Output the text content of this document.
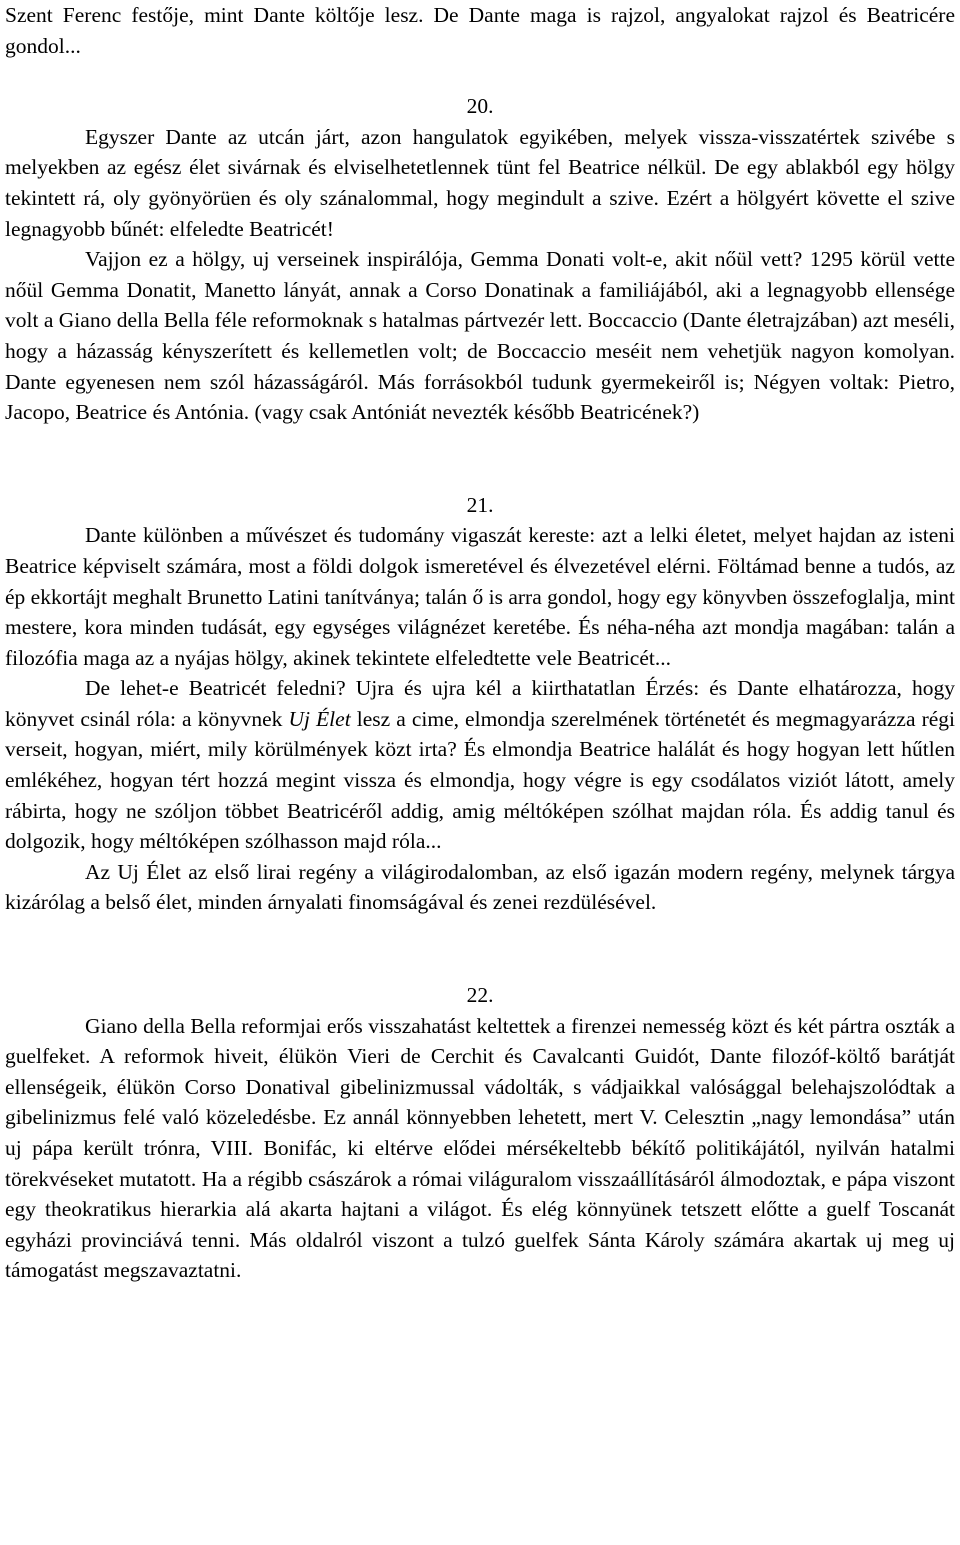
Szent Ferenc festője, mint Dante költője lesz. De Dante maga is rajzol, angyalokat rajzol és Beatricére gondol...

20.

Egyszer Dante az utcán járt, azon hangulatok egyikében, melyek vissza-visszatértek szivébe s melyekben az egész élet sivárnak és elviselhetetlennek tünt fel Beatrice nélkül. De egy ablakból egy hölgy tekintett rá, oly gyönyörüen és oly szánalommal, hogy megindult a szive. Ezért a hölgyért követte el szive legnagyobb bűnét: elfeledte Beatricét!

Vajjon ez a hölgy, uj verseinek inspirálója, Gemma Donati volt-e, akit nőül vett? 1295 körül vette nőül Gemma Donatit, Manetto lányát, annak a Corso Donatinak a familiájából, aki a legnagyobb ellensége volt a Giano della Bella féle reformoknak s hatalmas pártvezér lett. Boccaccio (Dante életrajzában) azt meséli, hogy a házasság kényszerített és kellemetlen volt; de Boccaccio meséit nem vehetjük nagyon komolyan. Dante egyenesen nem szól házasságáról. Más forrásokból tudunk gyermekeiről is; Négyen voltak: Pietro, Jacopo, Beatrice és Antónia. (vagy csak Antóniát nevezték később Beatricének?)

21.

Dante különben a művészet és tudomány vigaszát kereste: azt a lelki életet, melyet hajdan az isteni Beatrice képviselt számára, most a földi dolgok ismeretével és élvezetével elérni. Föltámad benne a tudós, az ép ekkortájt meghalt Brunetto Latini tanítványa; talán ő is arra gondol, hogy egy könyvben összefoglalja, mint mestere, kora minden tudását, egy egységes világnézet keretébe. És néha-néha azt mondja magában: talán a filozófia maga az a nyájas hölgy, akinek tekintete elfeledtette vele Beatricét...

De lehet-e Beatricét feledni? Ujra és ujra kél a kiirthatatlan Érzés: és Dante elhatározza, hogy könyvet csinál róla: a könyvnek Uj Élet lesz a cime, elmondja szerelmének történetét és megmagyarázza régi verseit, hogyan, miért, mily körülmények közt irta? És elmondja Beatrice halálát és hogy hogyan lett hűtlen emlékéhez, hogyan tért hozzá megint vissza és elmondja, hogy végre is egy csodálatos viziót látott, amely rábirta, hogy ne szóljon többet Beatricéről addig, amig méltóképen szólhat majdan róla. És addig tanul és dolgozik, hogy méltóképen szólhasson majd róla...

Az Uj Élet az első lirai regény a világirodalomban, az első igazán modern regény, melynek tárgya kizárólag a belső élet, minden árnyalati finomságával és zenei rezdülésével.

22.

Giano della Bella reformjai erős visszahatást keltettek a firenzei nemesség közt és két pártra oszták a guelfeket. A reformok hiveit, élükön Vieri de Cerchit és Cavalcanti Guidót, Dante filozóf-költő barátját ellenségeik, élükön Corso Donatival gibelinizmussal vádolták, s vádjaikkal valósággal belehajszolódtak a gibelinizmus felé való közeledésbe. Ez annál könnyebben lehetett, mert V. Celesztin „nagy lemondása” után uj pápa került trónra, VIII. Bonifác, ki eltérve elődei mérsékeltebb békítő politikájától, nyilván hatalmi törekvéseket mutatott. Ha a régibb császárok a római világuralom visszaállításáról álmodoztak, e pápa viszont egy theokratikus hierarkia alá akarta hajtani a világot. És elég könnyünek tetszett előtte a guelf Toscanát egyházi provinciává tenni. Más oldalról viszont a tulzó guelfek Sánta Károly számára akartak uj meg uj támogatást megszavaztatni.
